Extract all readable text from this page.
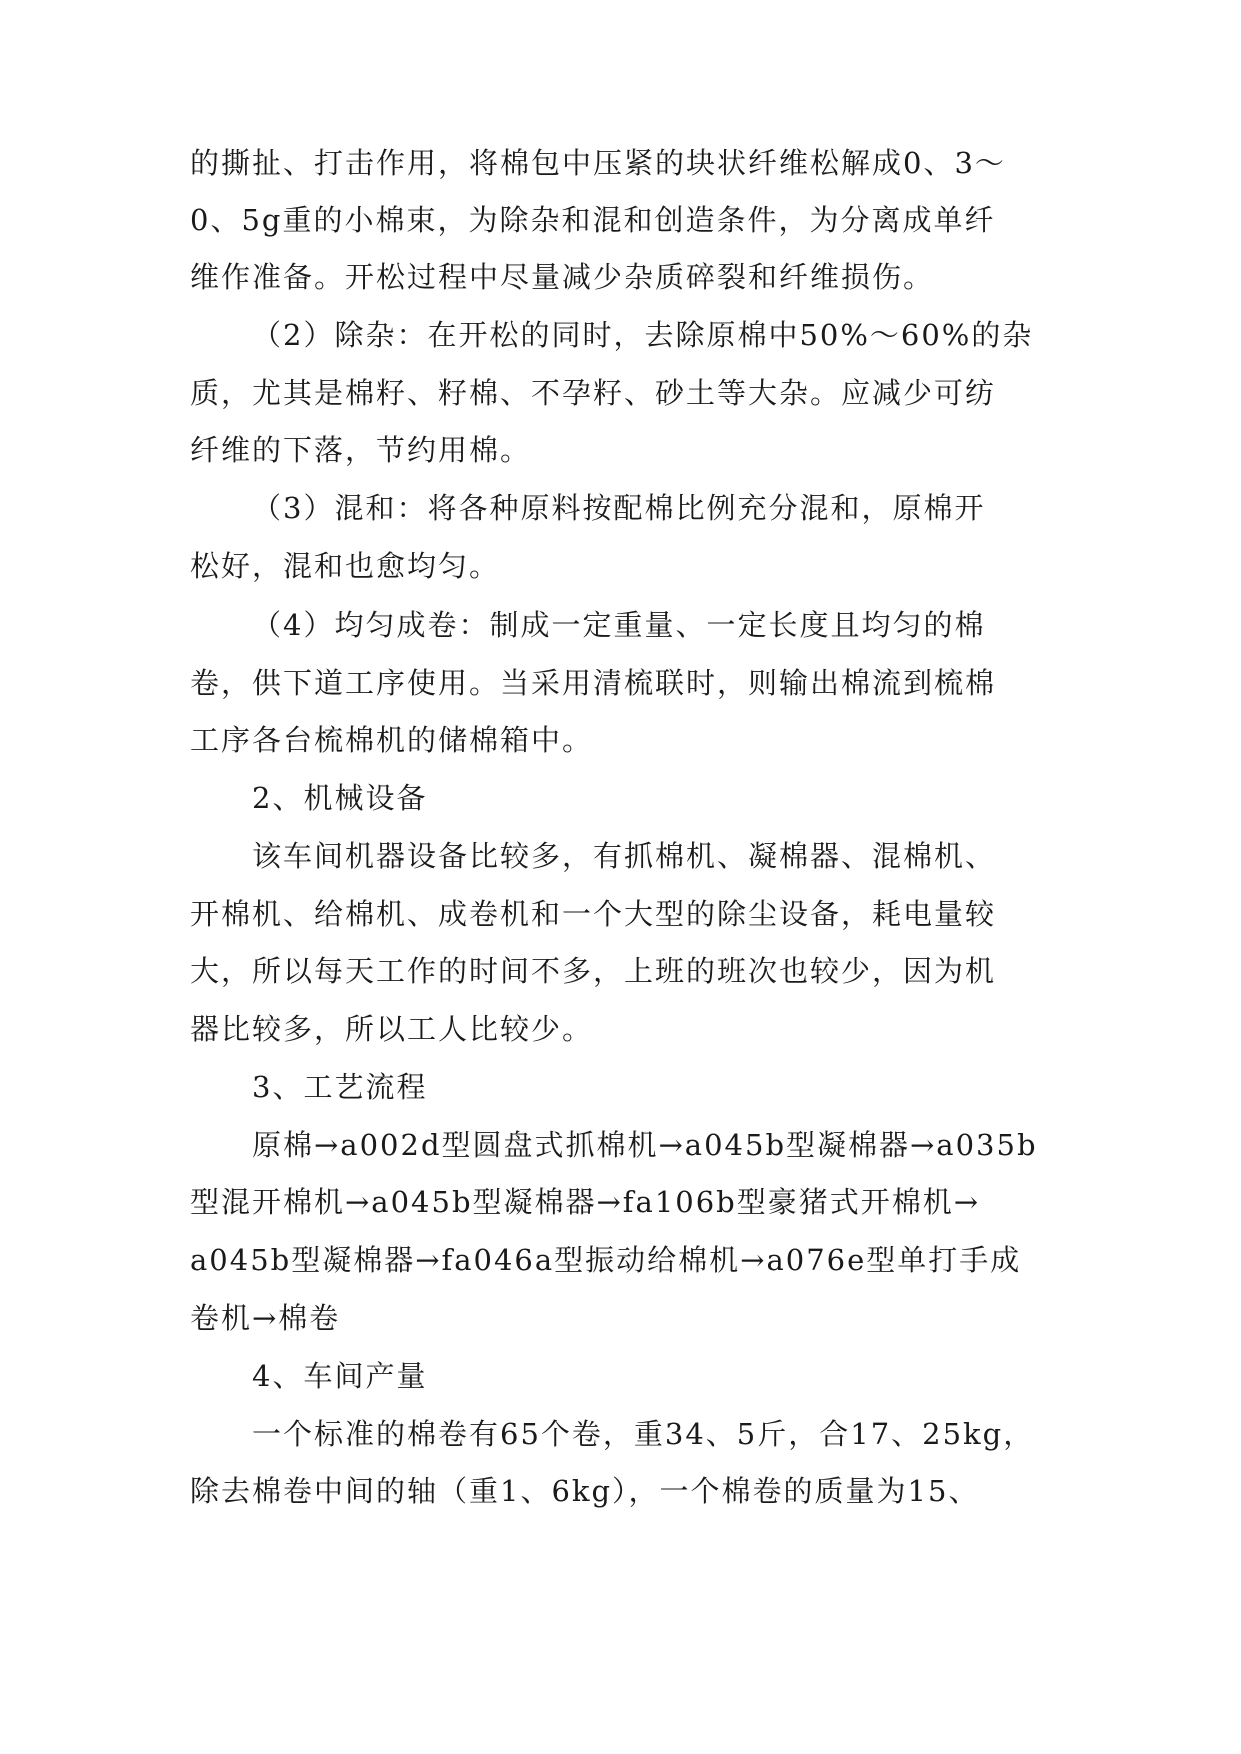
的撕扯、打击作用，将棉包中压紧的块状纤维松解成0、3～
0、5g重的小棉束，为除杂和混和创造条件，为分离成单纤
维作准备。开松过程中尽量减少杂质碎裂和纤维损伤。
（2）除杂：在开松的同时，去除原棉中50%～60%的杂
质，尤其是棉籽、籽棉、不孕籽、砂土等大杂。应减少可纺
纤维的下落，节约用棉。
（3）混和：将各种原料按配棉比例充分混和，原棉开
松好，混和也愈均匀。
（4）均匀成卷：制成一定重量、一定长度且均匀的棉
卷，供下道工序使用。当采用清梳联时，则输出棉流到梳棉
工序各台梳棉机的储棉箱中。
2、机械设备
该车间机器设备比较多，有抓棉机、凝棉器、混棉机、
开棉机、给棉机、成卷机和一个大型的除尘设备，耗电量较
大，所以每天工作的时间不多，上班的班次也较少，因为机
器比较多，所以工人比较少。
3、工艺流程
原棉→a002d型圆盘式抓棉机→a045b型凝棉器→a035b
型混开棉机→a045b型凝棉器→fa106b型豪猪式开棉机→
a045b型凝棉器→fa046a型振动给棉机→a076e型单打手成
卷机→棉卷
4、车间产量
一个标准的棉卷有65个卷，重34、5斤，合17、25kg，
除去棉卷中间的轴（重1、6kg），一个棉卷的质量为15、
